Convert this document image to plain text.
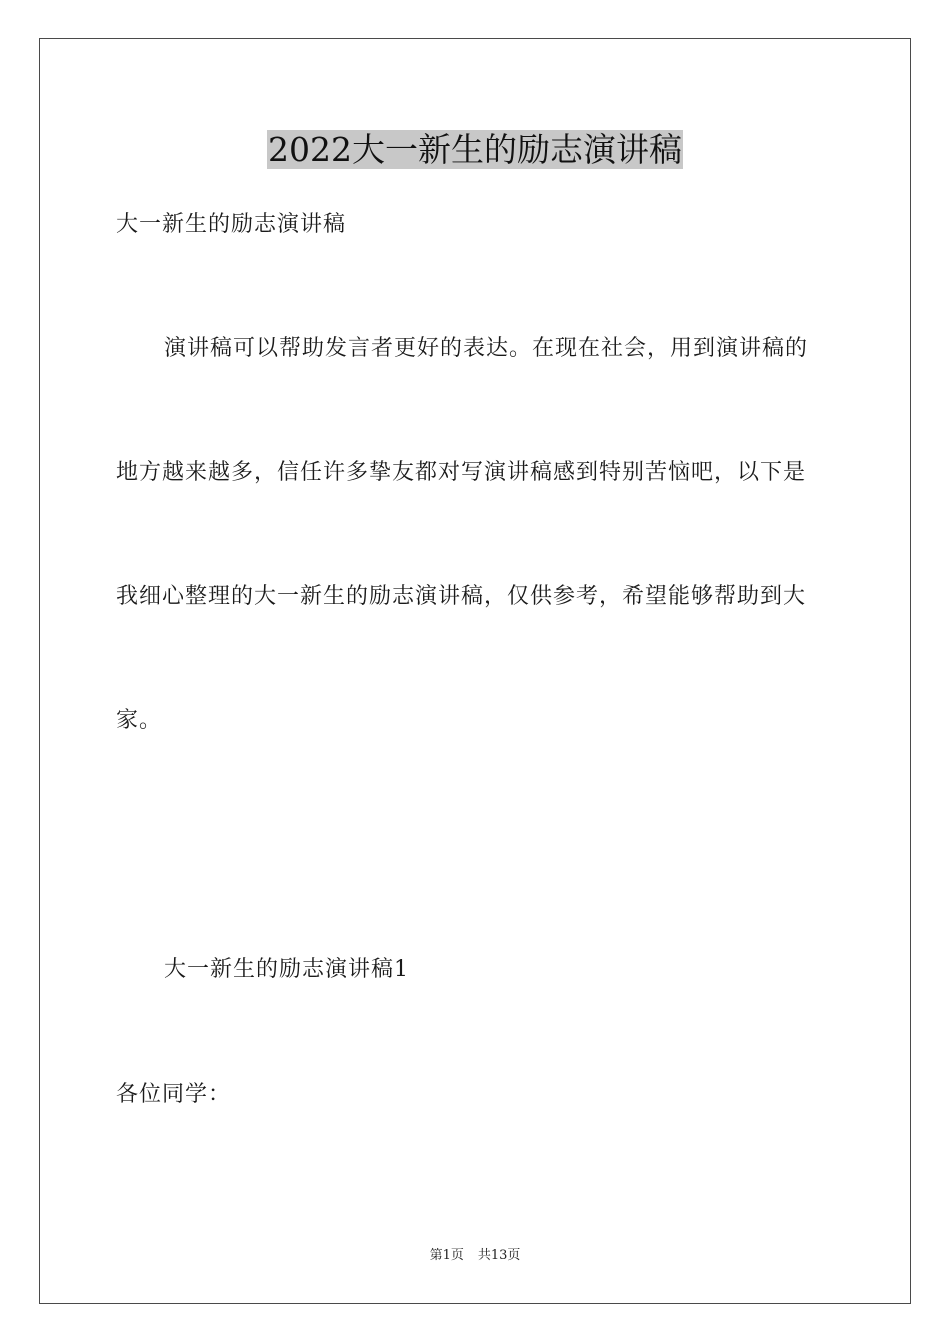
2022大一新生的励志演讲稿
大一新生的励志演讲稿
演讲稿可以帮助发言者更好的表达。在现在社会，用到演讲稿的
地方越来越多，信任许多挚友都对写演讲稿感到特别苦恼吧，以下是
我细心整理的大一新生的励志演讲稿，仅供参考，希望能够帮助到大
家。
大一新生的励志演讲稿1
各位同学：
第1页 共13页
